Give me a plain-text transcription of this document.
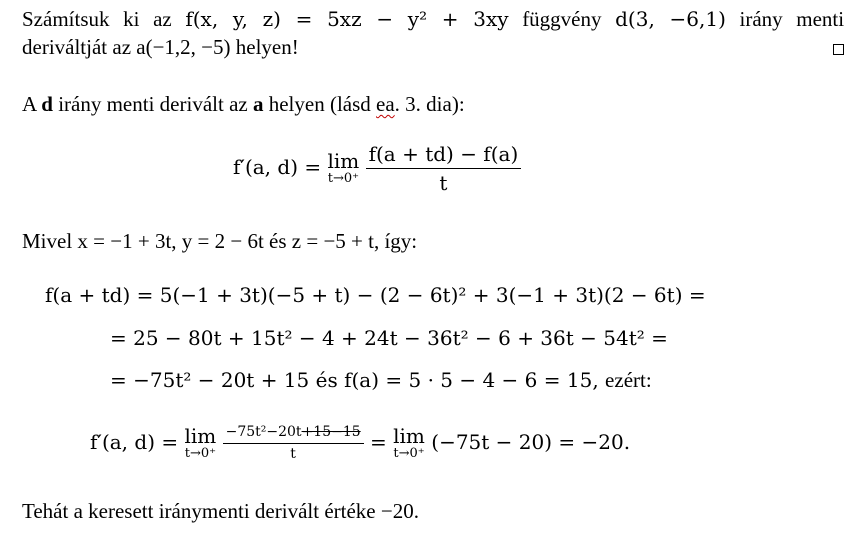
Számítsuk ki az f(x, y, z) = 5xz − y² + 3xy függvény d(3, −6,1) irány menti
deriváltját az a(−1,2, −5) helyen!
A d irány menti derivált az a helyen (lásd ea. 3. dia):
f′(a, d) = lim
t→0⁺
$\frac{f(a + td) - f(a)}{t}$
Mivel x = −1 + 3t, y = 2 − 6t és z = −5 + t, így:
f(a + td) = 5(−1 + 3t)(−5 + t) − (2 − 6t)² + 3(−1 + 3t)(2 − 6t) =
= 25 − 80t + 15t² − 4 + 24t − 36t² − 6 + 36t − 54t² =
= −75t² − 20t + 15 és f(a) = 5 · 5 − 4 − 6 = 15, ezért:
f′(a, d) = lim
t→0⁺
$\frac{\text{−75t²−20t+15−15}}{t} = \lim$
t→0⁺ (−75t − 20) = −20.
Tehát a keresett iránymenti derivált értéke −20.
